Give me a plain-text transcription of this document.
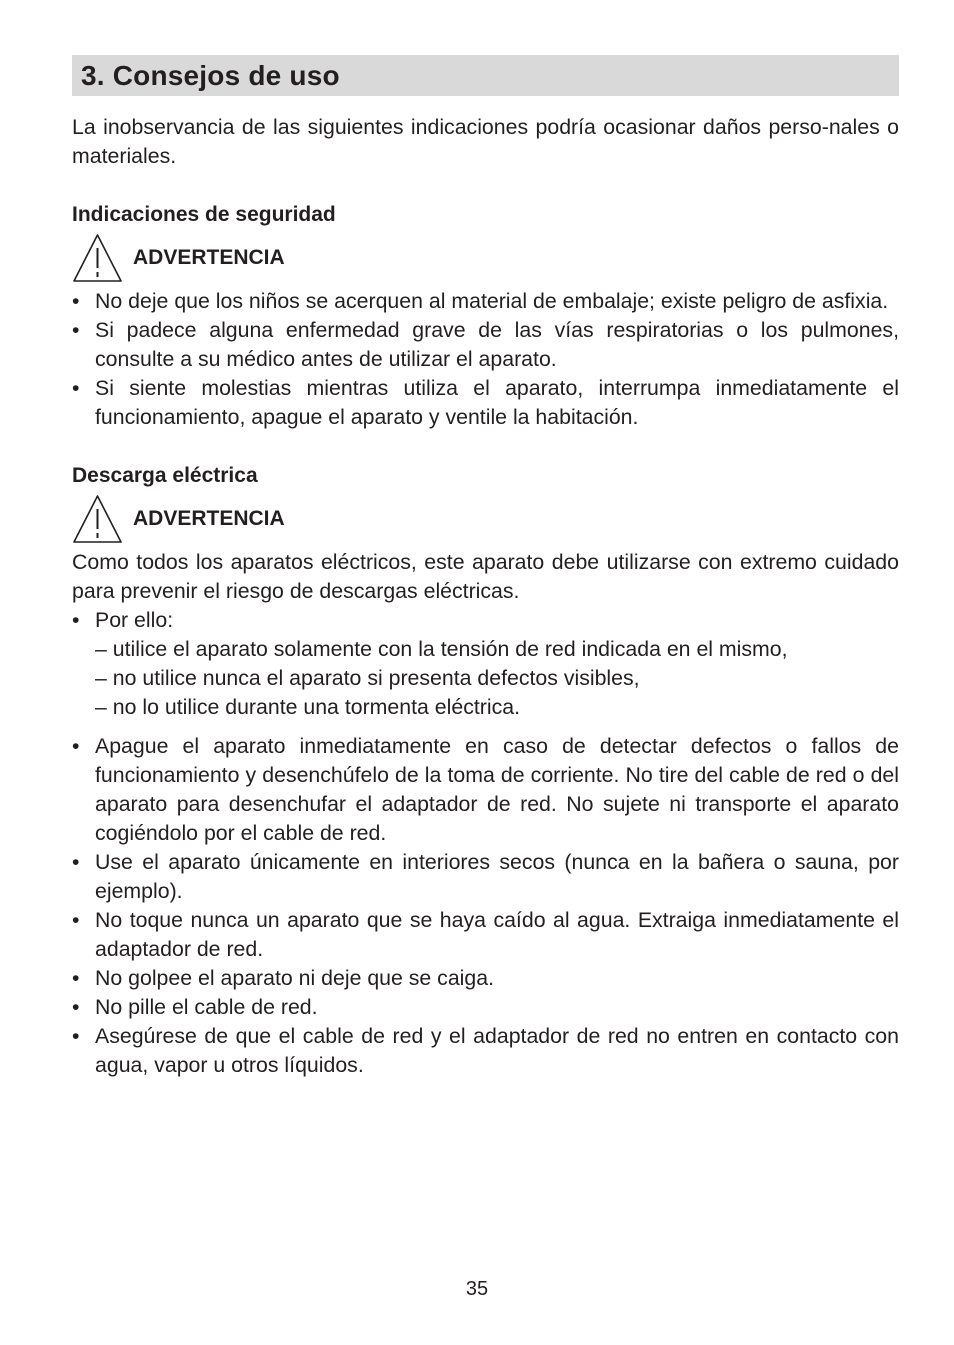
3. Consejos de uso

La inobservancia de las siguientes indicaciones podría ocasionar daños perso-nales o materiales.

Indicaciones de seguridad

ADVERTENCIA
• No deje que los niños se acerquen al material de embalaje; existe peligro de asfixia.
• Si padece alguna enfermedad grave de las vías respiratorias o los pulmones, consulte a su médico antes de utilizar el aparato.
• Si siente molestias mientras utiliza el aparato, interrumpa inmediatamente el funcionamiento, apague el aparato y ventile la habitación.

Descarga eléctrica

ADVERTENCIA

Como todos los aparatos eléctricos, este aparato debe utilizarse con extremo cuidado para prevenir el riesgo de descargas eléctricas.

• Por ello:
– utilice el aparato solamente con la tensión de red indicada en el mismo,
– no utilice nunca el aparato si presenta defectos visibles,
– no lo utilice durante una tormenta eléctrica.
• Apague el aparato inmediatamente en caso de detectar defectos o fallos de funcionamiento y desenchúfelo de la toma de corriente. No tire del cable de red o del aparato para desenchufar el adaptador de red. No sujete ni transporte el aparato cogiéndolo por el cable de red.
• Use el aparato únicamente en interiores secos (nunca en la bañera o sauna, por ejemplo).
• No toque nunca un aparato que se haya caído al agua. Extraiga inmediatamente el adaptador de red.
• No golpee el aparato ni deje que se caiga.
• No pille el cable de red.
• Asegúrese de que el cable de red y el adaptador de red no entren en contacto con agua, vapor u otros líquidos.
35
